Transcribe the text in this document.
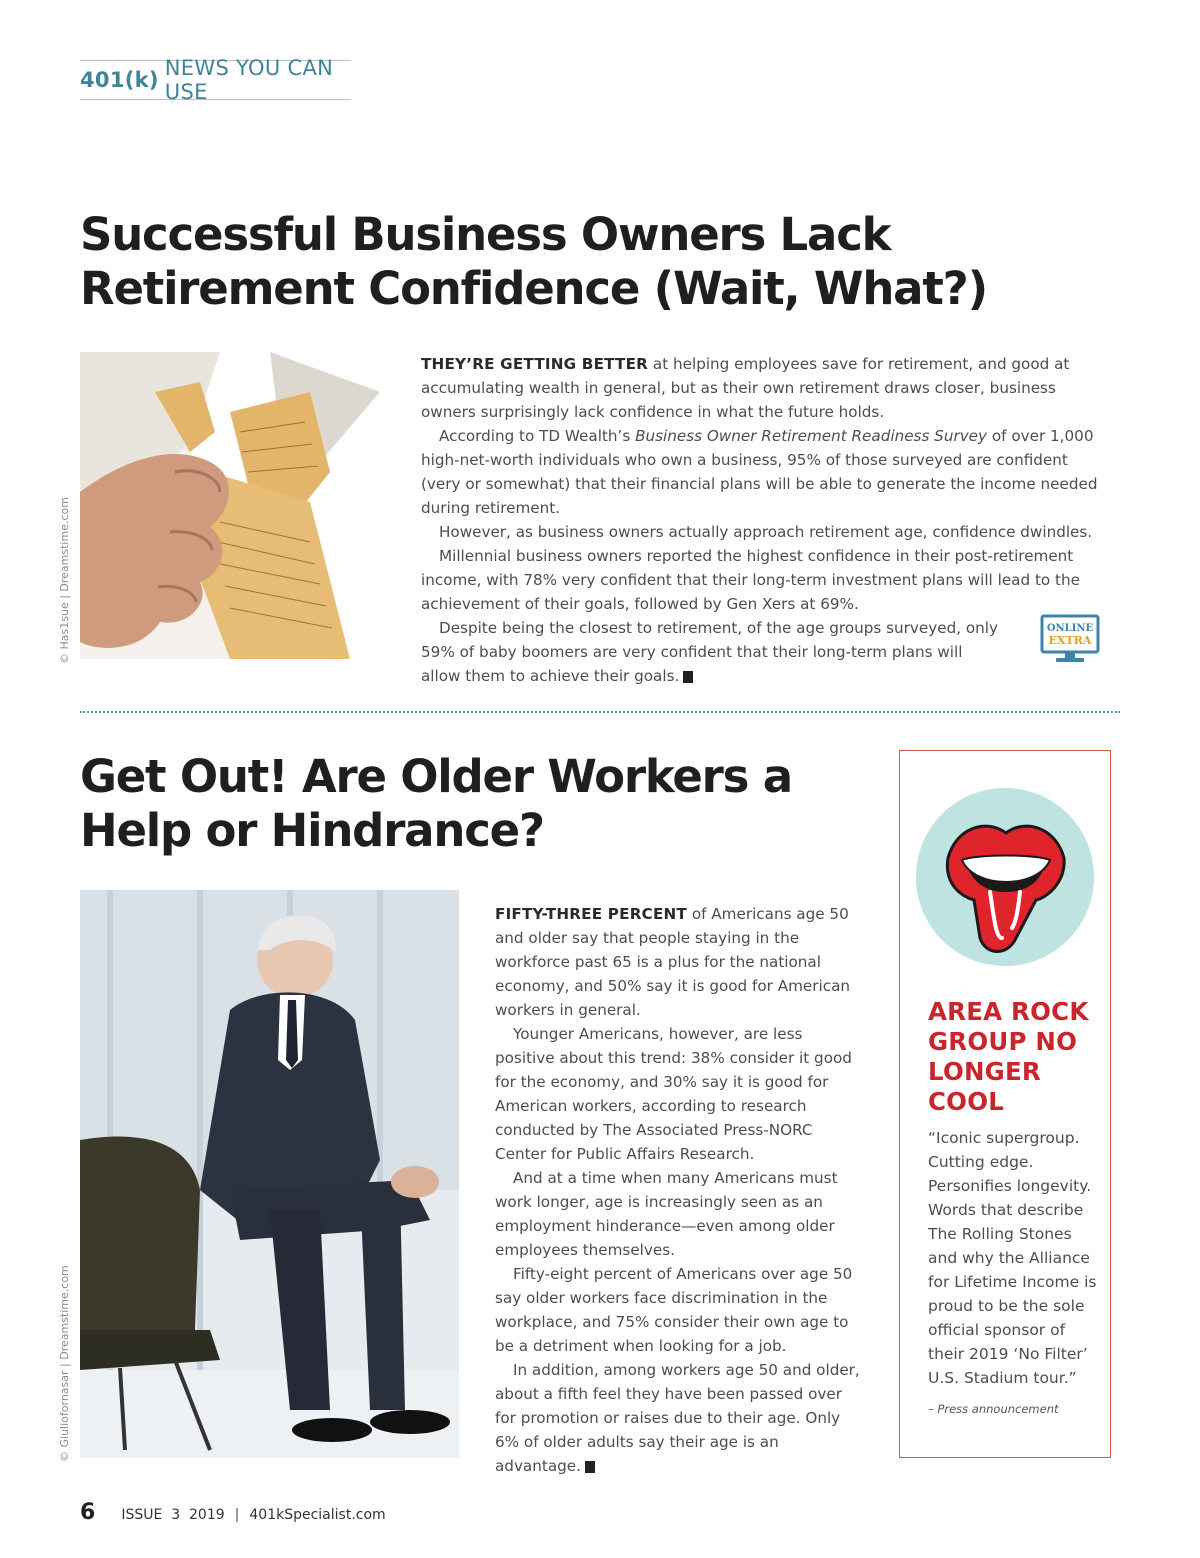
401(k) NEWS YOU CAN USE
Successful Business Owners Lack Retirement Confidence (Wait, What?)
© Has1sue | Dreamstime.com

THEY’RE GETTING BETTER at helping employees save for retirement, and good at accumulating wealth in general, but as their own retirement draws closer, business owners surprisingly lack confidence in what the future holds.

According to TD Wealth’s Business Owner Retirement Readiness Survey of over 1,000 high-net-worth individuals who own a business, 95% of those surveyed are confident (very or somewhat) that their financial plans will be able to generate the income needed during retirement.

However, as business owners actually approach retirement age, confidence dwindles.

Millennial business owners reported the highest confidence in their post-retirement income, with 78% very confident that their long-term investment plans will lead to the achievement of their goals, followed by Gen Xers at 69%.

Despite being the closest to retirement, of the age groups surveyed, only 59% of baby boomers are very confident that their long-term plans will allow them to achieve their goals. K

ONLINE
EXTRA
Get Out! Are Older Workers a Help or Hindrance?
© Giuliofornasar | Dreamstime.com

FIFTY-THREE PERCENT of Americans age 50 and older say that people staying in the workforce past 65 is a plus for the national economy, and 50% say it is good for American workers in general.

Younger Americans, however, are less positive about this trend: 38% consider it good for the economy, and 30% say it is good for American workers, according to research conducted by The Associated Press-NORC Center for Public Affairs Research.

And at a time when many Americans must work longer, age is increasingly seen as an employment hinderance—even among older employees themselves.

Fifty-eight percent of Americans over age 50 say older workers face discrimination in the workplace, and 75% consider their own age to be a detriment when looking for a job.

In addition, among workers age 50 and older, about a fifth feel they have been passed over for promotion or raises due to their age. Only 6% of older adults say their age is an advantage. K

AREA ROCK GROUP NO LONGER COOL
“Iconic supergroup. Cutting edge. Personifies longevity. Words that describe The Rolling Stones and why the Alliance for Lifetime Income is proud to be the sole official sponsor of their 2019 ‘No Filter’ U.S. Stadium tour.”
– Press announcement
6 ISSUE  3  2019 | 401kSpecialist.com
